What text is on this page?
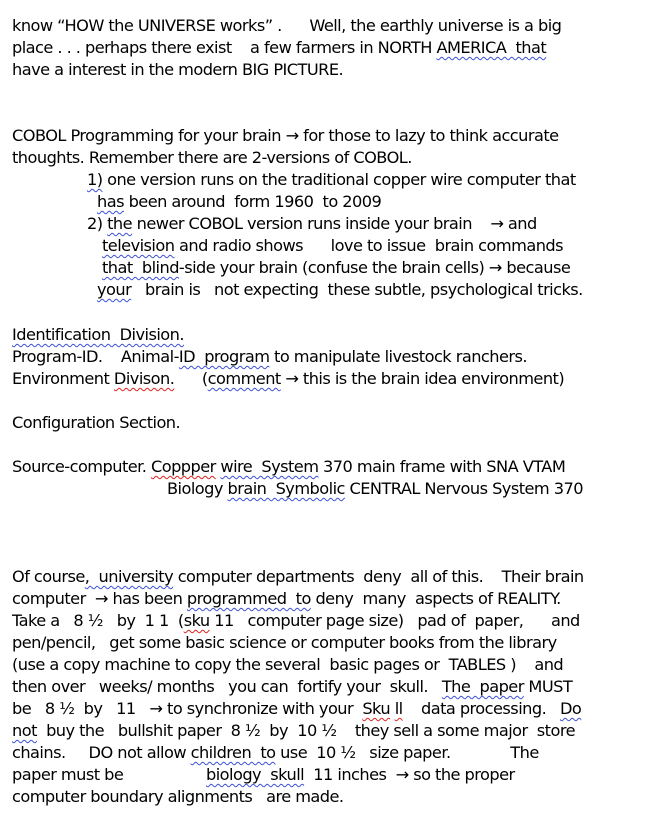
know “HOW the UNIVERSE works” .      Well, the earthly universe is a big
place . . . perhaps there exist    a few farmers in NORTH AMERICA  that
have a interest in the modern BIG PICTURE.
COBOL Programming for your brain → for those to lazy to think accurate
thoughts. Remember there are 2-versions of COBOL.
1) one version runs on the traditional copper wire computer that
has been around  form 1960  to 2009
2) the newer COBOL version runs inside your brain    → and
television and radio shows      love to issue  brain commands
that  blind-side your brain (confuse the brain cells) → because
your   brain is   not expecting  these subtle, psychological tricks.
Identification  Division.
Program-ID.    Animal-ID  program to manipulate livestock ranchers.
Environment Divison.      (comment → this is the brain idea environment)
Configuration Section.
Source-computer. Coppper wire  System 370 main frame with SNA VTAM
Biology brain  Symbolic CENTRAL Nervous System 370
Of course,  university computer departments  deny  all of this.    Their brain
computer  → has been programmed  to deny  many  aspects of REALITY.
Take a   8 ½   by  1 1  (sku 11   computer page size)   pad of  paper,      and
pen/pencil,   get some basic science or computer books from the library
(use a copy machine to copy the several  basic pages or  TABLES )    and
then over   weeks/ months   you can  fortify your  skull.   The  paper MUST
be   8 ½  by   11   → to synchronize with your  Sku ll    data processing.   Do
not  buy the   bullshit paper  8 ½  by  10 ½    they sell a some major  store
chains.     DO not allow children  to use  10 ½   size paper.             The
paper must be                  biology  skull  11 inches  → so the proper
computer boundary alignments   are made.
